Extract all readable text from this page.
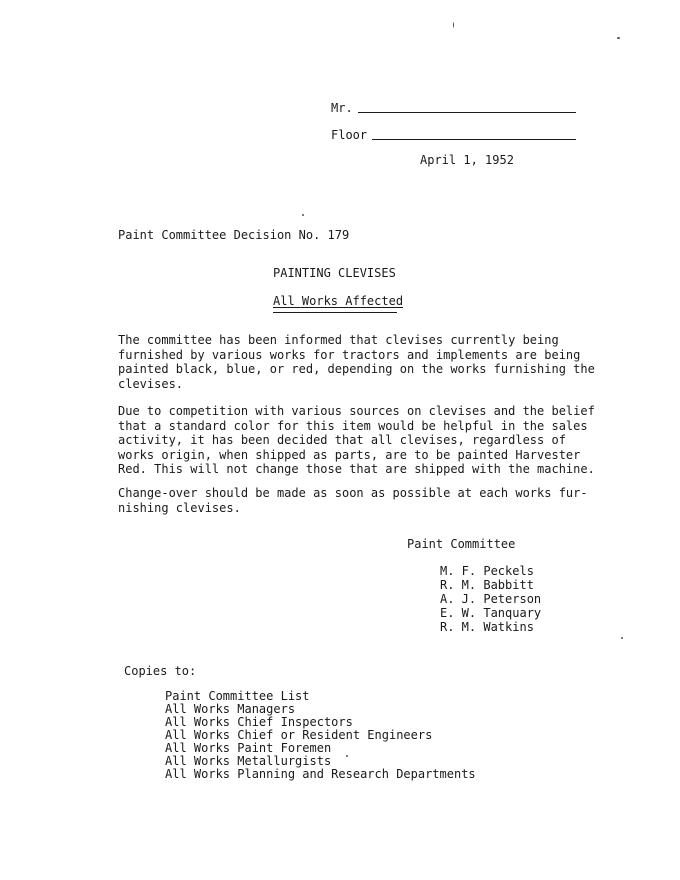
Mr.
Floor
April 1, 1952
Paint Committee Decision No. 179
PAINTING CLEVISES
All Works Affected
The committee has been informed that clevises currently being
furnished by various works for tractors and implements are being
painted black, blue, or red, depending on the works furnishing the
clevises.
Due to competition with various sources on clevises and the belief
that a standard color for this item would be helpful in the sales
activity, it has been decided that all clevises, regardless of
works origin, when shipped as parts, are to be painted Harvester
Red. This will not change those that are shipped with the machine.
Change-over should be made as soon as possible at each works fur-
nishing clevises.
Paint Committee
M. F. Peckels
R. M. Babbitt
A. J. Peterson
E. W. Tanquary
R. M. Watkins
Copies to:
Paint Committee List
All Works Managers
All Works Chief Inspectors
All Works Chief or Resident Engineers
All Works Paint Foremen
All Works Metallurgists
All Works Planning and Research Departments
